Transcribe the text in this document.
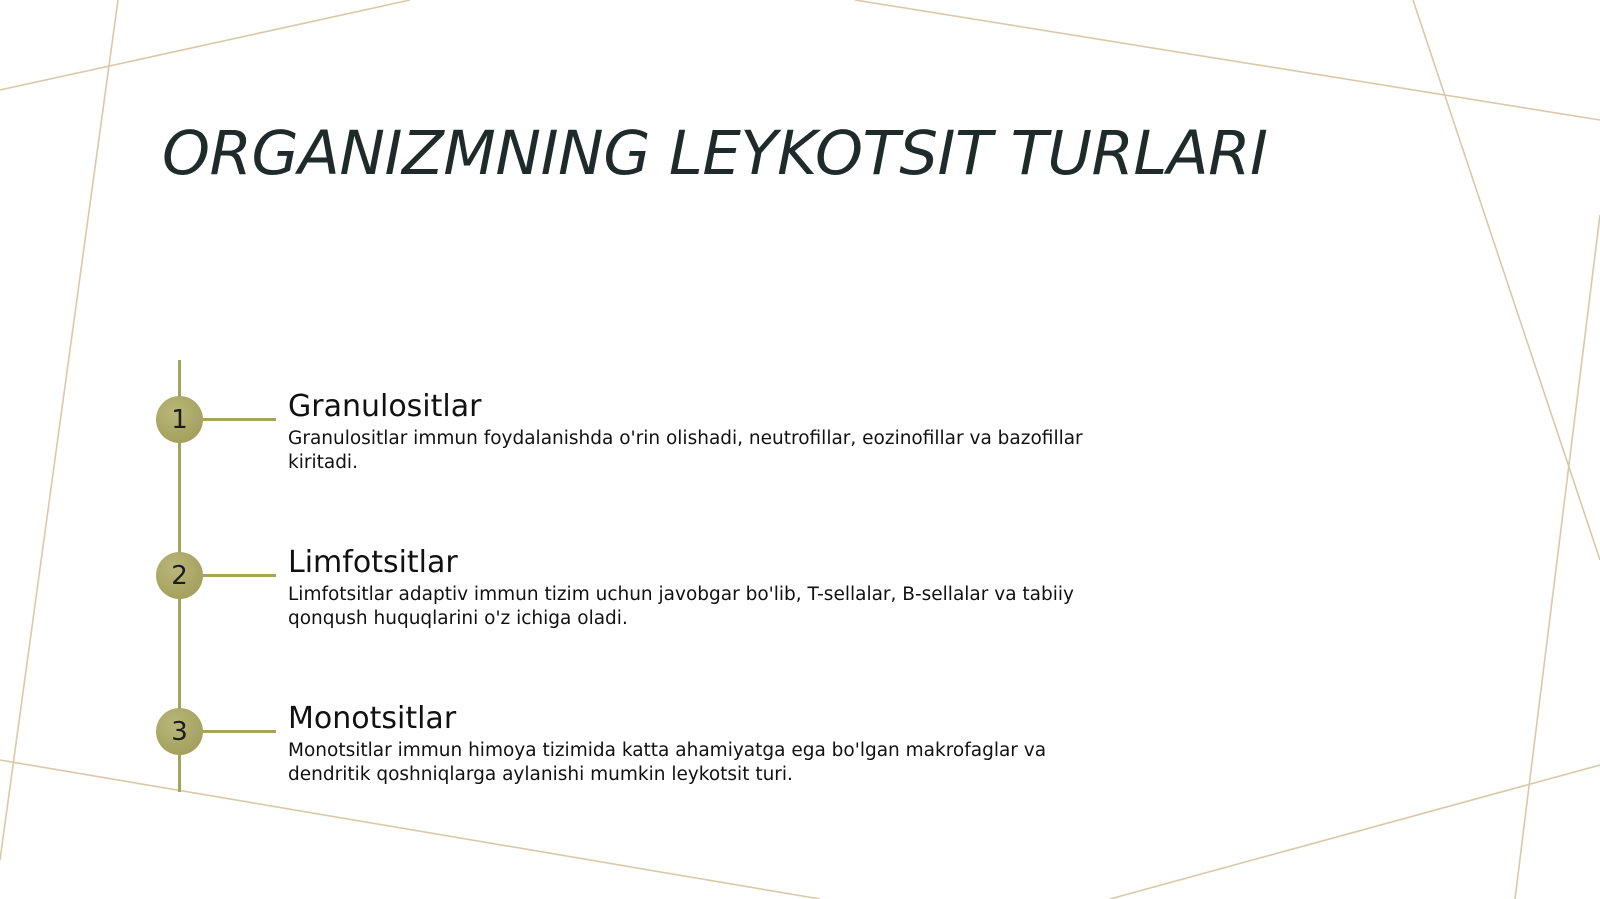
ORGANIZMNING LEYKOTSIT TURLARI
1	Granulositlar
Granulositlar immun foydalanishda o'rin olishadi, neutrofillar, eozinofillar va bazofillar kiritadi.
2	Limfotsitlar
Limfotsitlar adaptiv immun tizim uchun javobgar bo'lib, T-sellalar, B-sellalar va tabiiy qonqush huquqlarini o'z ichiga oladi.
3	Monotsitlar
Monotsitlar immun himoya tizimida katta ahamiyatga ega bo'lgan makrofaglar va dendritik qoshniqlarga aylanishi mumkin leykotsit turi.
